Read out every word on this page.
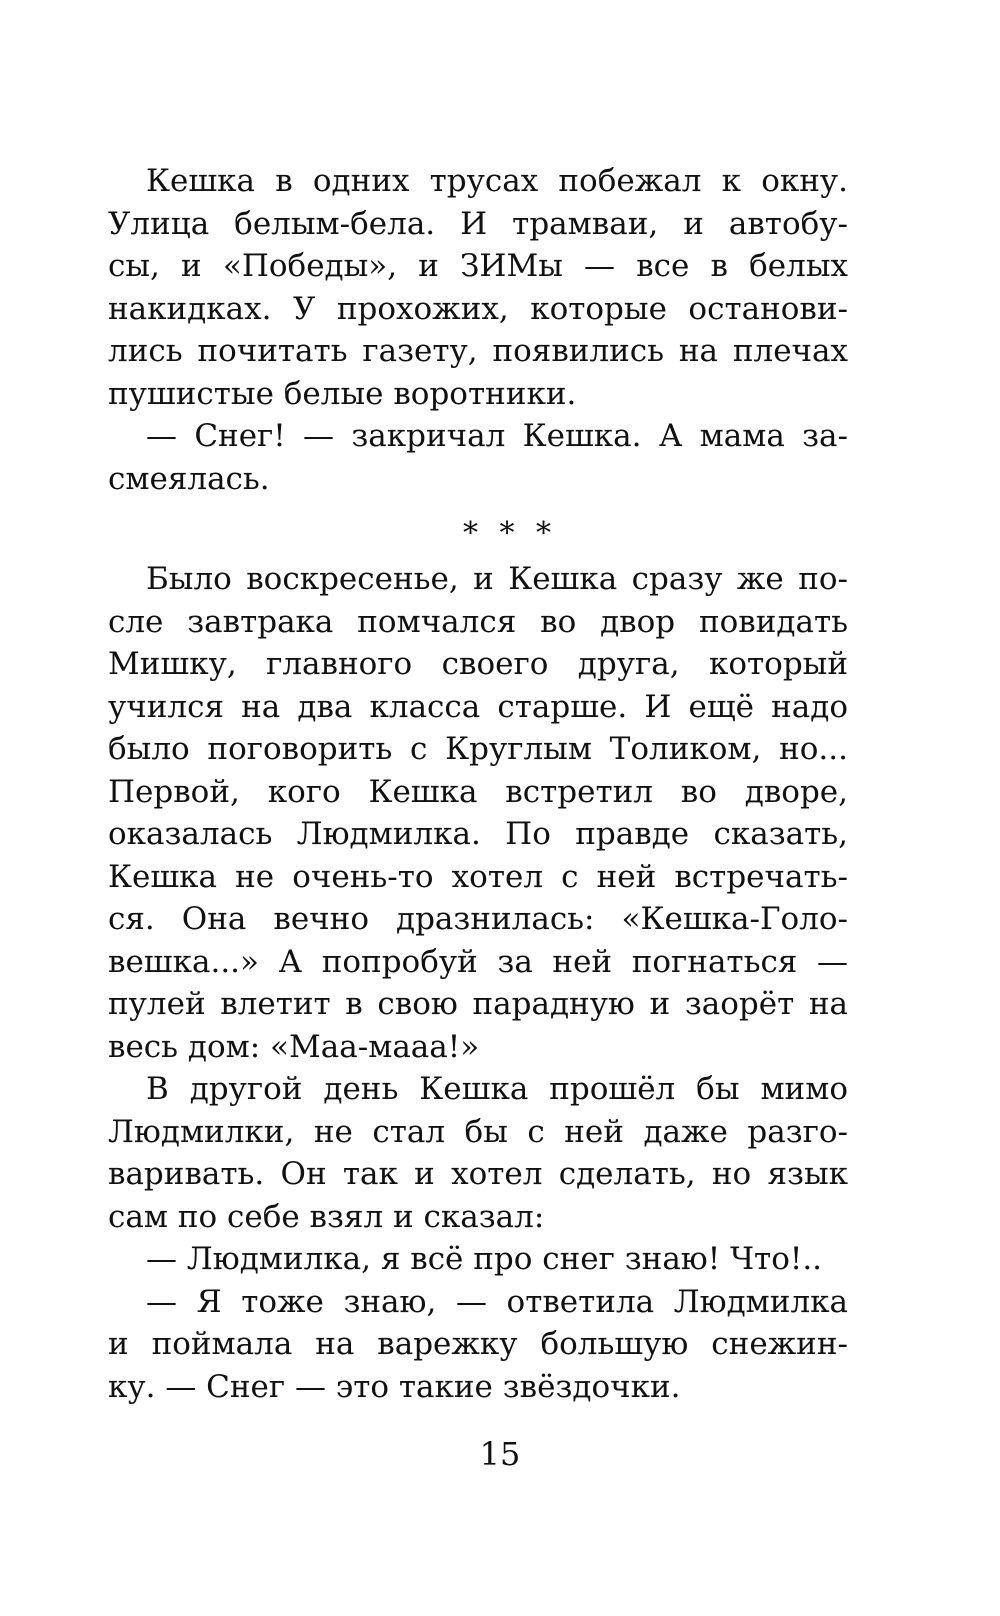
Кешка в одних трусах побежал к окну.
Улица белым-бела. И трамваи, и автобу-
сы, и «Победы», и ЗИМы — все в белых
накидках. У прохожих, которые останови-
лись почитать газету, появились на плечах
пушистые белые воротники.
— Снег! — закричал Кешка. А мама за-
смеялась.
* * *
Было воскресенье, и Кешка сразу же по-
сле завтрака помчался во двор повидать
Мишку, главного своего друга, который
учился на два класса старше. И ещё надо
было поговорить с Круглым Толиком, но...
Первой, кого Кешка встретил во дворе,
оказалась Людмилка. По правде сказать,
Кешка не очень-то хотел с ней встречать-
ся. Она вечно дразнилась: «Кешка-Голо-
вешка...» А попробуй за ней погнаться —
пулей влетит в свою парадную и заорёт на
весь дом: «Маа-мааа!»
В другой день Кешка прошёл бы мимо
Людмилки, не стал бы с ней даже разго-
варивать. Он так и хотел сделать, но язык
сам по себе взял и сказал:
— Людмилка, я всё про снег знаю! Что!..
— Я тоже знаю, — ответила Людмилка
и поймала на варежку большую снежин-
ку. — Снег — это такие звёздочки.
15
